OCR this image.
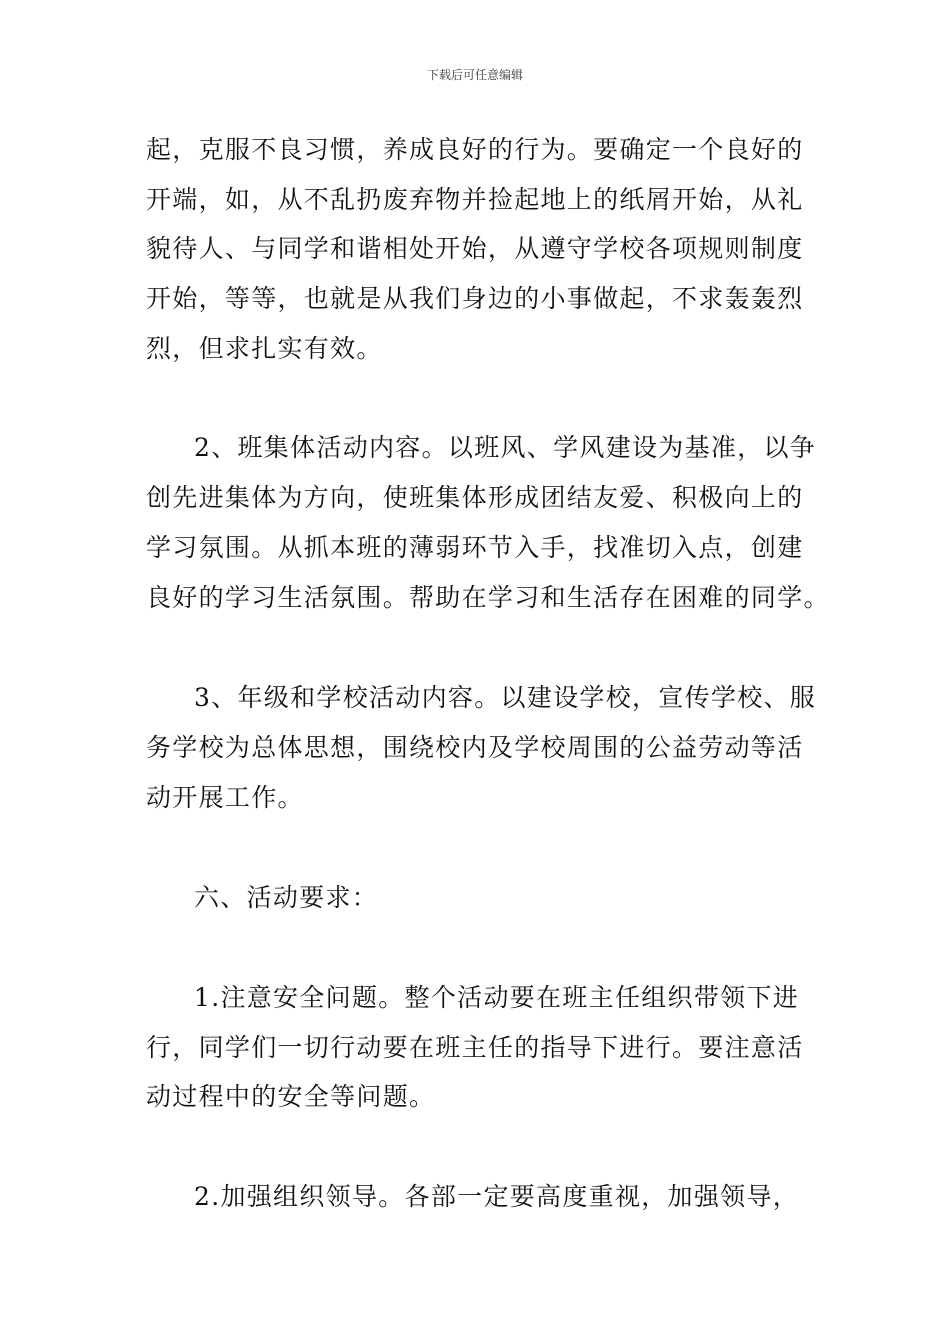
下载后可任意编辑
起，克服不良习惯，养成良好的行为。要确定一个良好的
开端，如，从不乱扔废弃物并捡起地上的纸屑开始，从礼
貌待人、与同学和谐相处开始，从遵守学校各项规则制度
开始，等等，也就是从我们身边的小事做起，不求轰轰烈
烈，但求扎实有效。
2、班集体活动内容。以班风、学风建设为基准，以争
创先进集体为方向，使班集体形成团结友爱、积极向上的
学习氛围。从抓本班的薄弱环节入手，找准切入点，创建
良好的学习生活氛围。帮助在学习和生活存在困难的同学。
3、年级和学校活动内容。以建设学校，宣传学校、服
务学校为总体思想，围绕校内及学校周围的公益劳动等活
动开展工作。
六、活动要求：
1.注意安全问题。整个活动要在班主任组织带领下进
行，同学们一切行动要在班主任的指导下进行。要注意活
动过程中的安全等问题。
2.加强组织领导。各部一定要高度重视，加强领导，
